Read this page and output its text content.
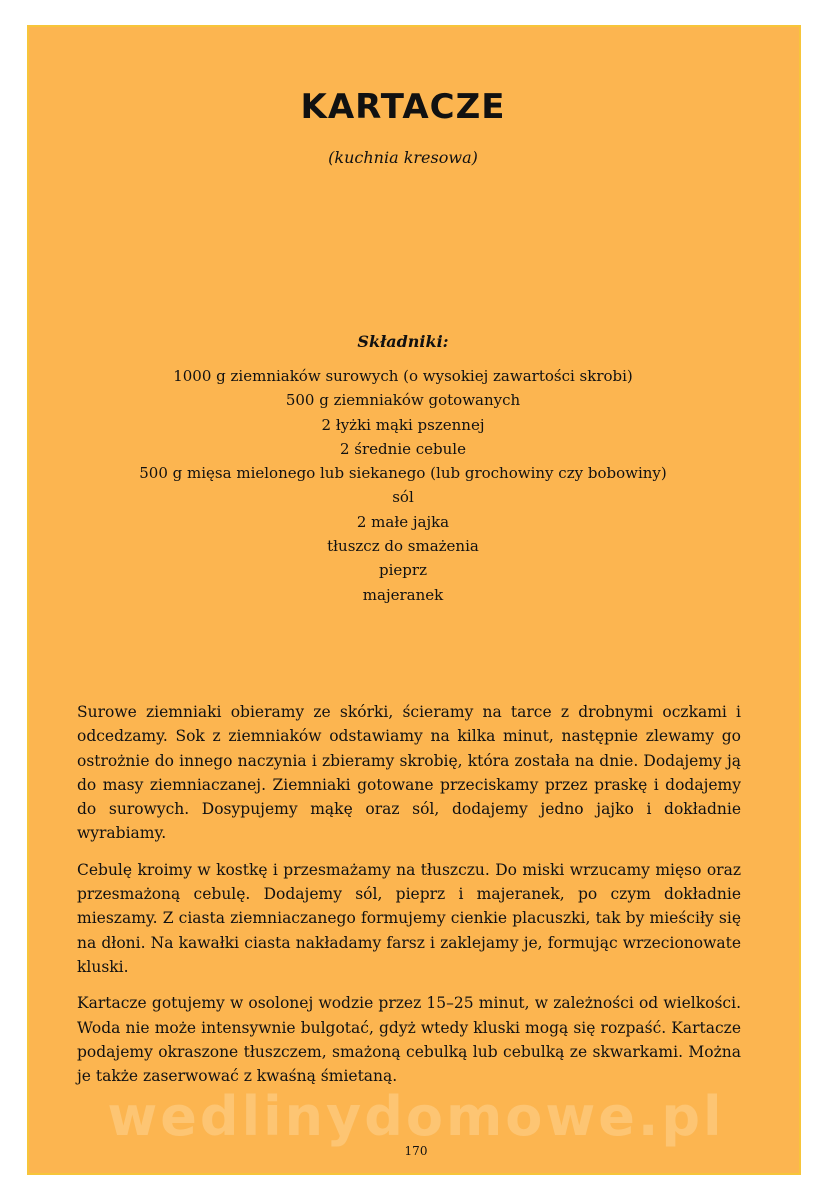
KARTACZE
(kuchnia kresowa)
Składniki:
1000 g ziemniaków surowych (o wysokiej zawartości skrobi)
500 g ziemniaków gotowanych
2 łyżki mąki pszennej
2 średnie cebule
500 g mięsa mielonego lub siekanego (lub grochowiny czy bobowiny)
sól
2 małe jajka
tłuszcz do smażenia
pieprz
majeranek

Surowe ziemniaki obieramy ze skórki, ścieramy na tarce z drobnymi oczkami i odcedzamy. Sok z ziemniaków odstawiamy na kilka minut, następnie zlewamy go ostrożnie do innego naczynia i zbieramy skrobię, która została na dnie. Dodajemy ją do masy ziemniaczanej. Ziemniaki gotowane przeciskamy przez praskę i dodajemy do surowych. Dosypujemy mąkę oraz sól, dodajemy jedno jajko i dokładnie wyrabiamy.

Cebulę kroimy w kostkę i przesmażamy na tłuszczu. Do miski wrzucamy mięso oraz przesmażoną cebulę. Dodajemy sól, pieprz i majeranek, po czym dokładnie mieszamy. Z ciasta ziemniaczanego formujemy cienkie placuszki, tak by mieściły się na dłoni. Na kawałki ciasta nakładamy farsz i zaklejamy je, formując wrzecionowate kluski.

Kartacze gotujemy w osolonej wodzie przez 15–25 minut, w zależności od wielkości. Woda nie może intensywnie bulgotać, gdyż wtedy kluski mogą się rozpaść. Kartacze podajemy okraszone tłuszczem, smażoną cebulką lub cebulką ze skwarkami. Można je także zaserwować z kwaśną śmietaną.

wedlinydomowe.pl
170
